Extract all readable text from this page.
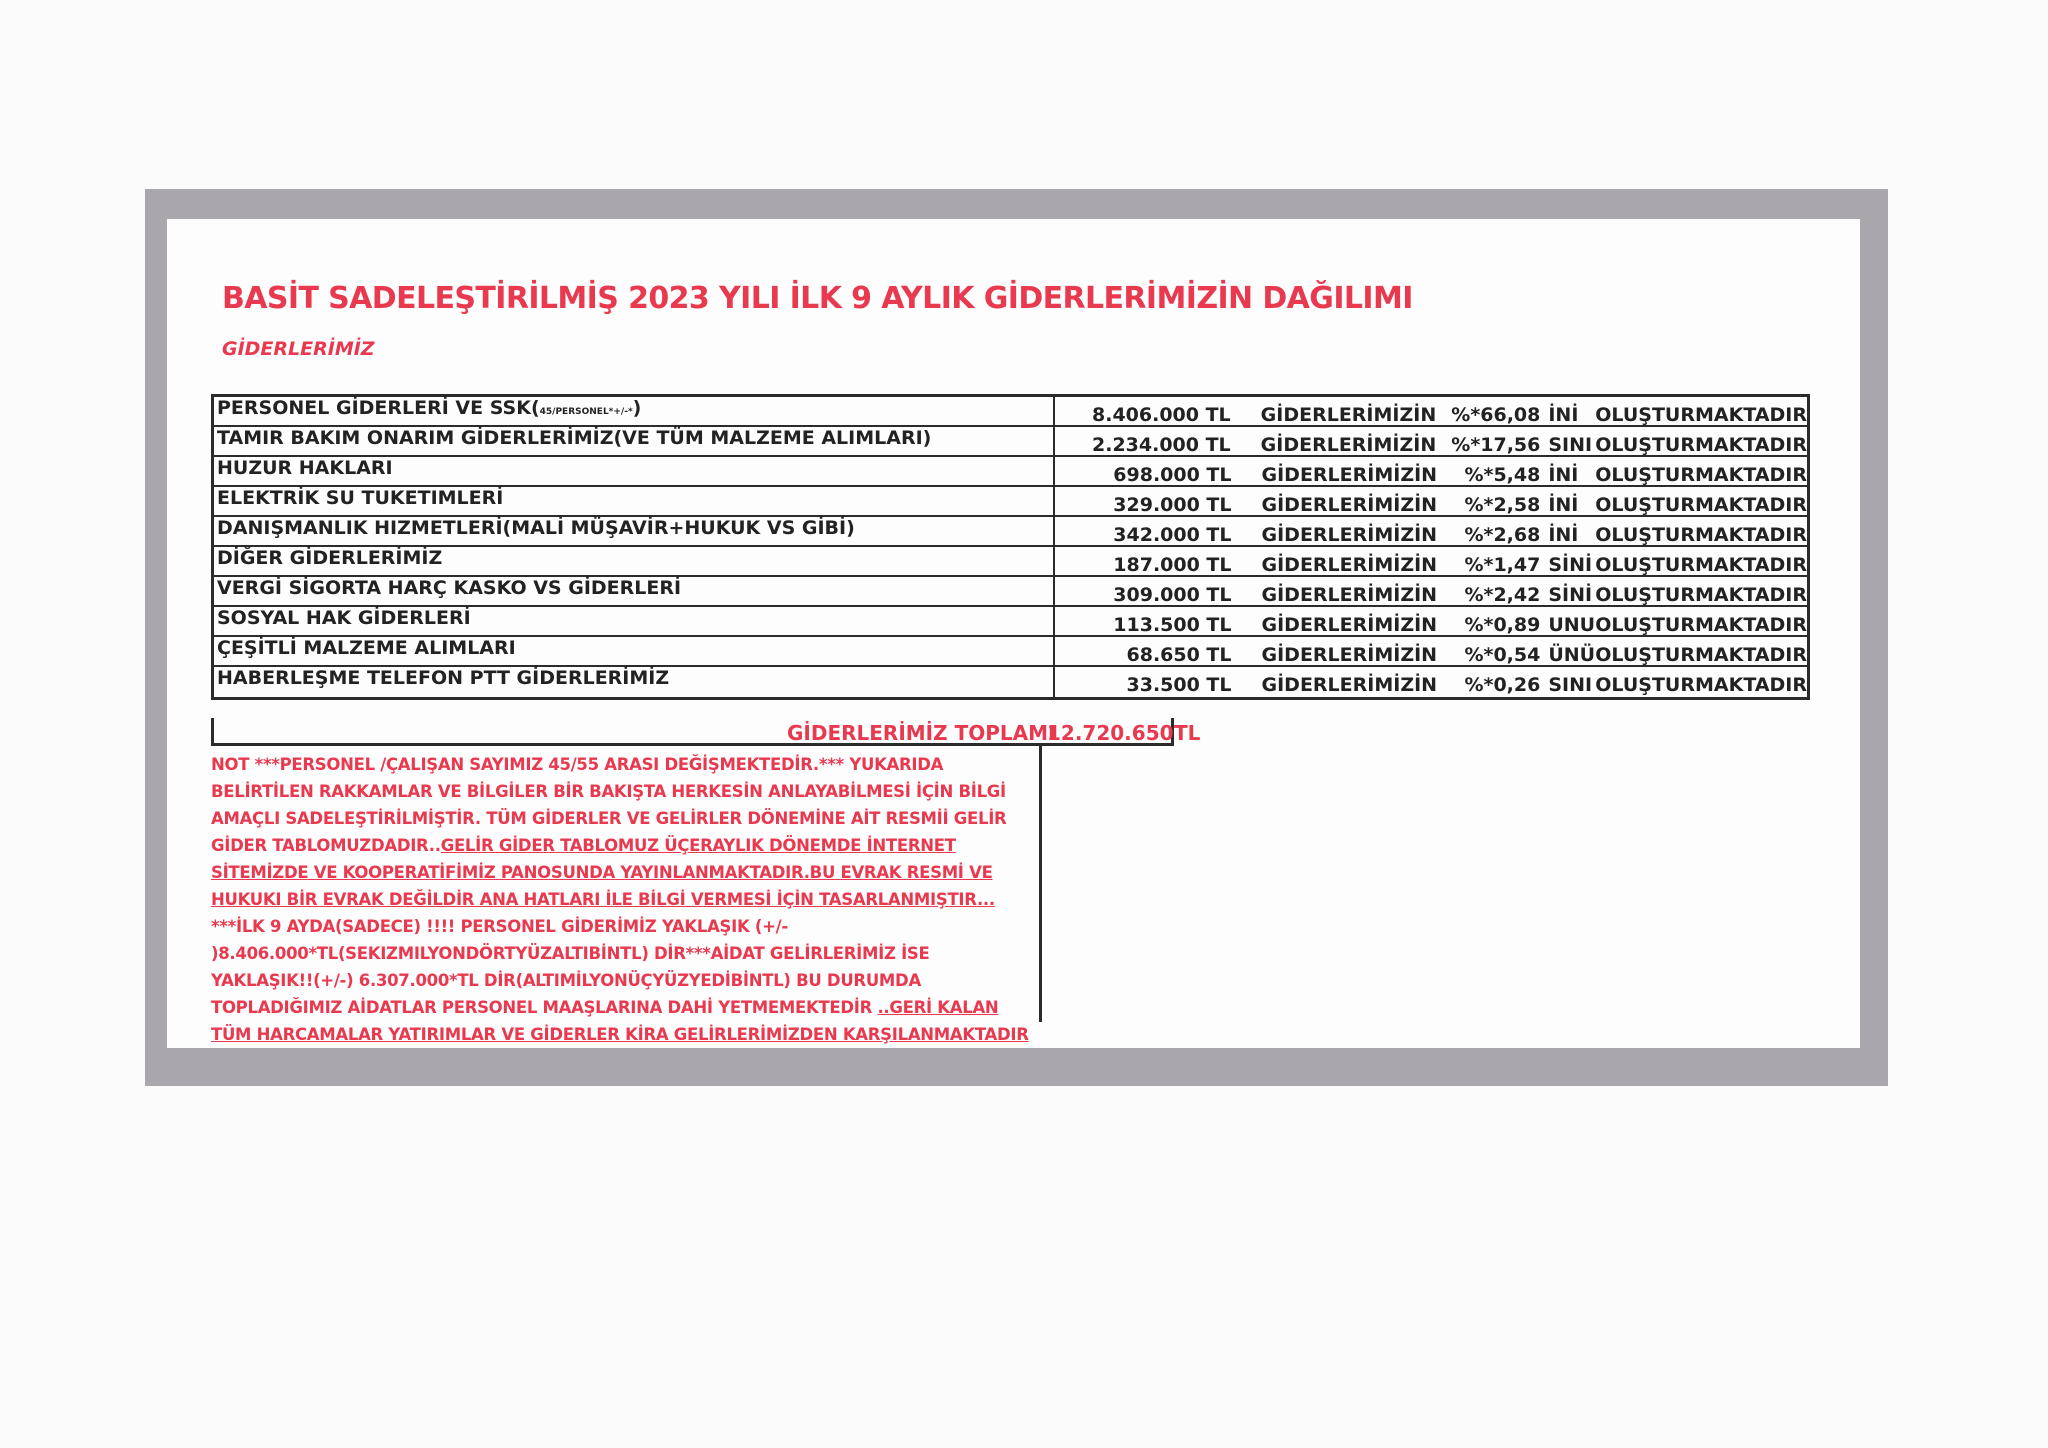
BASİT SADELEŞTİRİLMİŞ 2023 YILI İLK 9 AYLIK GİDERLERİMİZİN DAĞILIMI
GİDERLERİMİZ
PERSONEL GİDERLERİ VE SSK(45/PERSONEL*+/-*)	8.406.000 TL	GİDERLERİMİZİN %*66,08 İNİ OLUŞTURMAKTADIR
TAMIR BAKIM ONARIM GİDERLERİMİZ(VE TÜM MALZEME ALIMLARI)	2.234.000 TL	GİDERLERİMİZİN %*17,56 SINI OLUŞTURMAKTADIR
HUZUR HAKLARI	698.000 TL	GİDERLERİMİZİN	%*5,48 İNİ OLUŞTURMAKTADIR
ELEKTRİK SU TUKETIMLERİ	329.000 TL	GİDERLERİMİZİN	%*2,58 İNİ OLUŞTURMAKTADIR
DANIŞMANLIK HIZMETLERİ(MALİ MÜŞAVİR+HUKUK VS GİBİ)	342.000 TL	GİDERLERİMİZİN	%*2,68 İNİ OLUŞTURMAKTADIR
DİĞER GİDERLERİMİZ	187.000 TL	GİDERLERİMİZİN	%*1,47 SİNİ OLUŞTURMAKTADIR
VERGİ SİGORTA HARÇ KASKO VS GİDERLERİ	309.000 TL	GİDERLERİMİZİN	%*2,42 SİNİ OLUŞTURMAKTADIR
SOSYAL HAK GİDERLERİ	113.500 TL	GİDERLERİMİZİN	%*0,89 UNU OLUŞTURMAKTADIR
ÇEŞİTLİ MALZEME ALIMLARI	68.650 TL	GİDERLERİMİZİN	%*0,54 ÜNÜ OLUŞTURMAKTADIR
HABERLEŞME TELEFON PTT GİDERLERİMİZ	33.500 TL	GİDERLERİMİZİN	%*0,26 SINI OLUŞTURMAKTADIR
GİDERLERİMİZ TOPLAMI
12.720.650 TL
NOT ***PERSONEL /ÇALIŞAN SAYIMIZ 45/55 ARASI DEĞİŞMEKTEDİR.*** YUKARIDA
BELİRTİLEN RAKKAMLAR VE BİLGİLER BİR BAKIŞTA HERKESİN ANLAYABİLMESİ İÇİN BİLGİ
AMAÇLI SADELEŞTİRİLMİŞTİR. TÜM GİDERLER VE GELİRLER DÖNEMİNE AİT RESMİİ GELİR
GİDER TABLOMUZDADIR..GELİR GİDER TABLOMUZ ÜÇERAYLIK DÖNEMDE İNTERNET
SİTEMİZDE VE KOOPERATİFİMİZ PANOSUNDA YAYINLANMAKTADIR.BU EVRAK RESMİ VE
HUKUKI BİR EVRAK DEĞİLDİR ANA HATLARI İLE BİLGİ VERMESİ İÇİN TASARLANMIŞTIR...
***İLK 9 AYDA(SADECE) !!!! PERSONEL GİDERİMİZ YAKLAŞIK (+/-
)8.406.000*TL(SEKIZMILYONDÖRTYÜZALTIBİNTL) DİR***AİDAT GELİRLERİMİZ İSE
YAKLAŞIK!!(+/-) 6.307.000*TL DİR(ALTIMİLYONÜÇYÜZYEDİBİNTL) BU DURUMDA
TOPLADIĞIMIZ AİDATLAR PERSONEL MAAŞLARINA DAHİ YETMEMEKTEDİR ..GERİ KALAN
TÜM HARCAMALAR YATIRIMLAR VE GİDERLER KİRA GELİRLERİMİZDEN KARŞILANMAKTADIR
